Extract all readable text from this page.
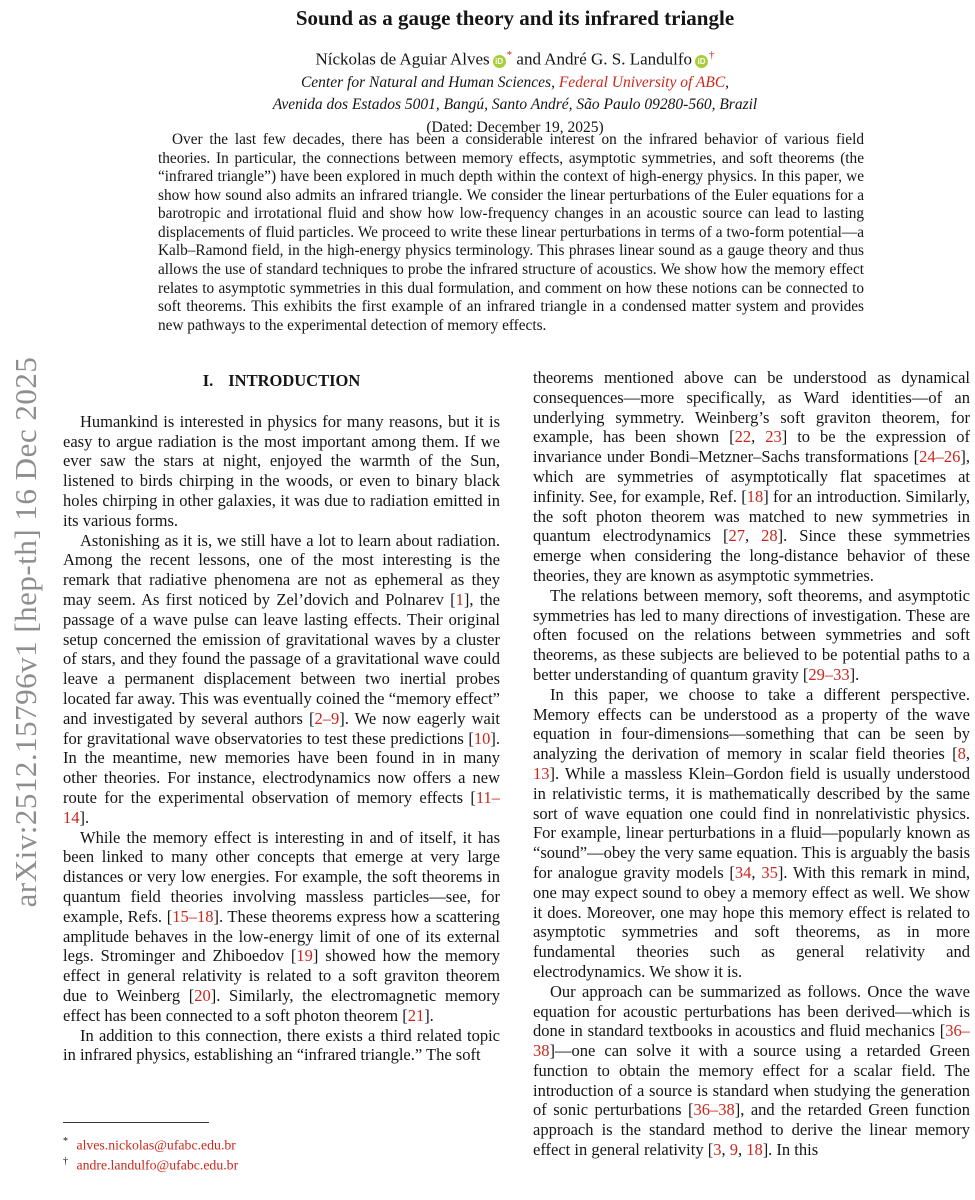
arXiv:2512.15796v1 [hep-th] 16 Dec 2025
Sound as a gauge theory and its infrared triangle
Níckolas de Aguiar Alves iD* and André G. S. Landulfo iD†
Center for Natural and Human Sciences, Federal University of ABC,
Avenida dos Estados 5001, Bangú, Santo André, São Paulo 09280-560, Brazil
(Dated: December 19, 2025)
Over the last few decades, there has been a considerable interest on the infrared behavior of various field theories. In particular, the connections between memory effects, asymptotic symmetries, and soft theorems (the “infrared triangle”) have been explored in much depth within the context of high-energy physics. In this paper, we show how sound also admits an infrared triangle. We consider the linear perturbations of the Euler equations for a barotropic and irrotational fluid and show how low-frequency changes in an acoustic source can lead to lasting displacements of fluid particles. We proceed to write these linear perturbations in terms of a two-form potential—a Kalb–Ramond field, in the high-energy physics terminology. This phrases linear sound as a gauge theory and thus allows the use of standard techniques to probe the infrared structure of acoustics. We show how the memory effect relates to asymptotic symmetries in this dual formulation, and comment on how these notions can be connected to soft theorems. This exhibits the first example of an infrared triangle in a condensed matter system and provides new pathways to the experimental detection of memory effects.
I. INTRODUCTION

Humankind is interested in physics for many reasons, but it is easy to argue radiation is the most important among them. If we ever saw the stars at night, enjoyed the warmth of the Sun, listened to birds chirping in the woods, or even to binary black holes chirping in other galaxies, it was due to radiation emitted in its various forms.

Astonishing as it is, we still have a lot to learn about radiation. Among the recent lessons, one of the most interesting is the remark that radiative phenomena are not as ephemeral as they may seem. As first noticed by Zel’dovich and Polnarev [1], the passage of a wave pulse can leave lasting effects. Their original setup concerned the emission of gravitational waves by a cluster of stars, and they found the passage of a gravitational wave could leave a permanent displacement between two inertial probes located far away. This was eventually coined the “memory effect” and investigated by several authors [2–9]. We now eagerly wait for gravitational wave observatories to test these predictions [10]. In the meantime, new memories have been found in in many other theories. For instance, electrodynamics now offers a new route for the experimental observation of memory effects [11–14].

While the memory effect is interesting in and of itself, it has been linked to many other concepts that emerge at very large distances or very low energies. For example, the soft theorems in quantum field theories involving massless particles—see, for example, Refs. [15–18]. These theorems express how a scattering amplitude behaves in the low-energy limit of one of its external legs. Strominger and Zhiboedov [19] showed how the memory effect in general relativity is related to a soft graviton theorem due to Weinberg [20]. Similarly, the electromagnetic memory effect has been connected to a soft photon theorem [21].

In addition to this connection, there exists a third related topic in infrared physics, establishing an “infrared triangle.” The soft

theorems mentioned above can be understood as dynamical consequences—more specifically, as Ward identities—of an underlying symmetry. Weinberg’s soft graviton theorem, for example, has been shown [22, 23] to be the expression of invariance under Bondi–Metzner–Sachs transformations [24–26], which are symmetries of asymptotically flat spacetimes at infinity. See, for example, Ref. [18] for an introduction. Similarly, the soft photon theorem was matched to new symmetries in quantum electrodynamics [27, 28]. Since these symmetries emerge when considering the long-distance behavior of these theories, they are known as asymptotic symmetries.

The relations between memory, soft theorems, and asymptotic symmetries has led to many directions of investigation. These are often focused on the relations between symmetries and soft theorems, as these subjects are believed to be potential paths to a better understanding of quantum gravity [29–33].

In this paper, we choose to take a different perspective. Memory effects can be understood as a property of the wave equation in four-dimensions—something that can be seen by analyzing the derivation of memory in scalar field theories [8, 13]. While a massless Klein–Gordon field is usually understood in relativistic terms, it is mathematically described by the same sort of wave equation one could find in nonrelativistic physics. For example, linear perturbations in a fluid—popularly known as “sound”—obey the very same equation. This is arguably the basis for analogue gravity models [34, 35]. With this remark in mind, one may expect sound to obey a memory effect as well. We show it does. Moreover, one may hope this memory effect is related to asymptotic symmetries and soft theorems, as in more fundamental theories such as general relativity and electrodynamics. We show it is.

Our approach can be summarized as follows. Once the wave equation for acoustic perturbations has been derived—which is done in standard textbooks in acoustics and fluid mechanics [36–38]—one can solve it with a source using a retarded Green function to obtain the memory effect for a scalar field. The introduction of a source is standard when studying the generation of sonic perturbations [36–38], and the retarded Green function approach is the standard method to derive the linear memory effect in general relativity [3, 9, 18]. In this

* alves.nickolas@ufabc.edu.br
† andre.landulfo@ufabc.edu.br
